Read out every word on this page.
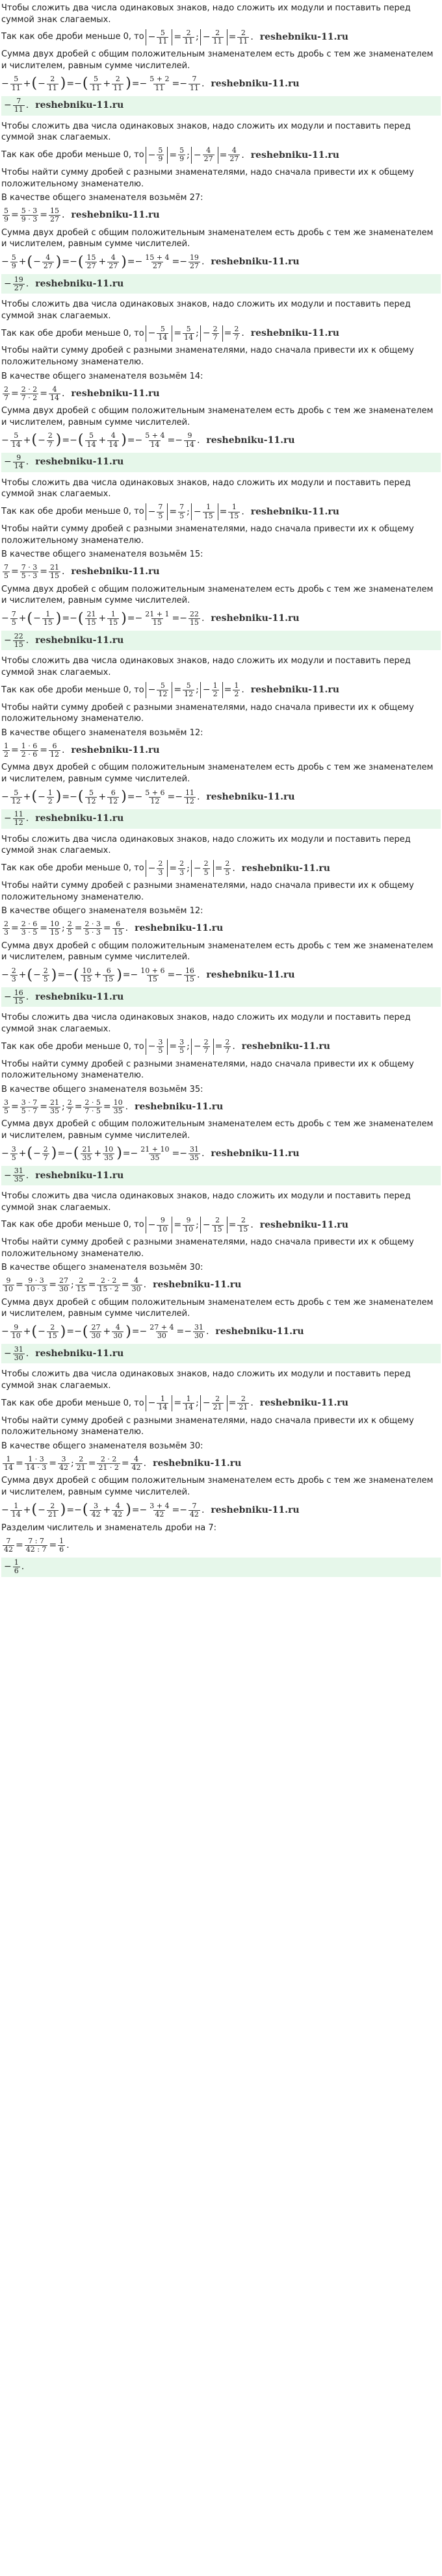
Чтобы сложить два числа одинаковых знаков, надо сложить их модули и поставить перед суммой знак слагаемых.

Так как обе дроби меньше 0, то − $\frac{5}{11} = \frac{2}{11}$ ; − $\frac{2}{11} = \frac{2}{11}$ . reshebniku-11.ru

Сумма двух дробей с общим положительным знаменателем есть дробь с тем же знаменателем и числителем, равным сумме числителей.

− $\frac{5}{11}$ + ( − $\frac{2}{11}$ ) = − ( $\frac{5}{11} + \frac{2}{11}$ ) = − $\frac{5 + 2}{11}$ = − $\frac{7}{11}$ . reshebniku-11.ru
− $\frac{7}{11}$ . reshebniku-11.ru

Чтобы сложить два числа одинаковых знаков, надо сложить их модули и поставить перед суммой знак слагаемых.

Так как обе дроби меньше 0, то − $\frac{5}{9} = \frac{5}{9}$ ; − $\frac{4}{27} = \frac{4}{27}$ . reshebniku-11.ru

Чтобы найти сумму дробей с разными знаменателями, надо сначала привести их к общему положительному знаменателю.

В качестве общего знаменателя возьмём 27:

$\frac{5}{9} = \frac{5 \cdot 3}{9 \cdot 3} = \frac{15}{27}$ . reshebniku-11.ru

Сумма двух дробей с общим положительным знаменателем есть дробь с тем же знаменателем и числителем, равным сумме числителей.

− $\frac{5}{9}$ + ( − $\frac{4}{27}$ ) = − ( $\frac{15}{27} + \frac{4}{27}$ ) = − $\frac{15 + 4}{27}$ = − $\frac{19}{27}$ . reshebniku-11.ru
− $\frac{19}{27}$ . reshebniku-11.ru

Чтобы сложить два числа одинаковых знаков, надо сложить их модули и поставить перед суммой знак слагаемых.

Так как обе дроби меньше 0, то − $\frac{5}{14} = \frac{5}{14}$ ; − $\frac{2}{7} = \frac{2}{7}$ . reshebniku-11.ru

Чтобы найти сумму дробей с разными знаменателями, надо сначала привести их к общему положительному знаменателю.

В качестве общего знаменателя возьмём 14:

$\frac{2}{7} = \frac{2 \cdot 2}{7 \cdot 2} = \frac{4}{14}$ . reshebniku-11.ru

Сумма двух дробей с общим положительным знаменателем есть дробь с тем же знаменателем и числителем, равным сумме числителей.

− $\frac{5}{14}$ + ( − $\frac{2}{7}$ ) = − ( $\frac{5}{14} + \frac{4}{14}$ ) = − $\frac{5 + 4}{14}$ = − $\frac{9}{14}$ . reshebniku-11.ru
− $\frac{9}{14}$ . reshebniku-11.ru

Чтобы сложить два числа одинаковых знаков, надо сложить их модули и поставить перед суммой знак слагаемых.

Так как обе дроби меньше 0, то − $\frac{7}{5} = \frac{7}{5}$ ; − $\frac{1}{15} = \frac{1}{15}$ . reshebniku-11.ru

Чтобы найти сумму дробей с разными знаменателями, надо сначала привести их к общему положительному знаменателю.

В качестве общего знаменателя возьмём 15:

$\frac{7}{5} = \frac{7 \cdot 3}{5 \cdot 3} = \frac{21}{15}$ . reshebniku-11.ru

Сумма двух дробей с общим положительным знаменателем есть дробь с тем же знаменателем и числителем, равным сумме числителей.

− $\frac{7}{5}$ + ( − $\frac{1}{15}$ ) = − ( $\frac{21}{15} + \frac{1}{15}$ ) = − $\frac{21 + 1}{15}$ = − $\frac{22}{15}$ . reshebniku-11.ru
− $\frac{22}{15}$ . reshebniku-11.ru

Чтобы сложить два числа одинаковых знаков, надо сложить их модули и поставить перед суммой знак слагаемых.

Так как обе дроби меньше 0, то − $\frac{5}{12} = \frac{5}{12}$ ; − $\frac{1}{2} = \frac{1}{2}$ . reshebniku-11.ru

Чтобы найти сумму дробей с разными знаменателями, надо сначала привести их к общему положительному знаменателю.

В качестве общего знаменателя возьмём 12:

$\frac{1}{2} = \frac{1 \cdot 6}{2 \cdot 6} = \frac{6}{12}$ . reshebniku-11.ru

Сумма двух дробей с общим положительным знаменателем есть дробь с тем же знаменателем и числителем, равным сумме числителей.

− $\frac{5}{12}$ + ( − $\frac{1}{2}$ ) = − ( $\frac{5}{12} + \frac{6}{12}$ ) = − $\frac{5 + 6}{12}$ = − $\frac{11}{12}$ . reshebniku-11.ru
− $\frac{11}{12}$ . reshebniku-11.ru

Чтобы сложить два числа одинаковых знаков, надо сложить их модули и поставить перед суммой знак слагаемых.

Так как обе дроби меньше 0, то − $\frac{2}{3} = \frac{2}{3}$ ; − $\frac{2}{5} = \frac{2}{5}$ . reshebniku-11.ru

Чтобы найти сумму дробей с разными знаменателями, надо сначала привести их к общему положительному знаменателю.

В качестве общего знаменателя возьмём 12:

$\frac{2}{3} = \frac{2 \cdot 6}{3 \cdot 5} = \frac{10}{15}$ ; $\frac{2}{5} = \frac{2 \cdot 3}{5 \cdot 3} = \frac{6}{15}$ . reshebniku-11.ru

Сумма двух дробей с общим положительным знаменателем есть дробь с тем же знаменателем и числителем, равным сумме числителей.

− $\frac{2}{3}$ + ( − $\frac{2}{5}$ ) = − ( $\frac{10}{15} + \frac{6}{15}$ ) = − $\frac{10 + 6}{15}$ = − $\frac{16}{15}$ . reshebniku-11.ru
− $\frac{16}{15}$ . reshebniku-11.ru

Чтобы сложить два числа одинаковых знаков, надо сложить их модули и поставить перед суммой знак слагаемых.

Так как обе дроби меньше 0, то − $\frac{3}{5} = \frac{3}{5}$ ; − $\frac{2}{7} = \frac{2}{7}$ . reshebniku-11.ru

Чтобы найти сумму дробей с разными знаменателями, надо сначала привести их к общему положительному знаменателю.

В качестве общего знаменателя возьмём 35:

$\frac{3}{5} = \frac{3 \cdot 7}{5 \cdot 7} = \frac{21}{35}$ ; $\frac{2}{7} = \frac{2 \cdot 5}{7 \cdot 5} = \frac{10}{35}$ . reshebniku-11.ru

Сумма двух дробей с общим положительным знаменателем есть дробь с тем же знаменателем и числителем, равным сумме числителей.

− $\frac{3}{5}$ + ( − $\frac{2}{7}$ ) = − ( $\frac{21}{35} + \frac{10}{35}$ ) = − $\frac{21 + 10}{35}$ = − $\frac{31}{35}$ . reshebniku-11.ru
− $\frac{31}{35}$ . reshebniku-11.ru

Чтобы сложить два числа одинаковых знаков, надо сложить их модули и поставить перед суммой знак слагаемых.

Так как обе дроби меньше 0, то − $\frac{9}{10} = \frac{9}{10}$ ; − $\frac{2}{15} = \frac{2}{15}$ . reshebniku-11.ru

Чтобы найти сумму дробей с разными знаменателями, надо сначала привести их к общему положительному знаменателю.

В качестве общего знаменателя возьмём 30:

$\frac{9}{10} = \frac{9 \cdot 3}{10 \cdot 3} = \frac{27}{30}$ ; $\frac{2}{15} = \frac{2 \cdot 2}{15 \cdot 2} = \frac{4}{30}$ . reshebniku-11.ru

Сумма двух дробей с общим положительным знаменателем есть дробь с тем же знаменателем и числителем, равным сумме числителей.

− $\frac{9}{10}$ + ( − $\frac{2}{15}$ ) = − ( $\frac{27}{30} + \frac{4}{30}$ ) = − $\frac{27 + 4}{30}$ = − $\frac{31}{30}$ . reshebniku-11.ru
− $\frac{31}{30}$ . reshebniku-11.ru

Чтобы сложить два числа одинаковых знаков, надо сложить их модули и поставить перед суммой знак слагаемых.

Так как обе дроби меньше 0, то − $\frac{1}{14} = \frac{1}{14}$ ; − $\frac{2}{21} = \frac{2}{21}$ . reshebniku-11.ru

Чтобы найти сумму дробей с разными знаменателями, надо сначала привести их к общему положительному знаменателю.

В качестве общего знаменателя возьмём 30:

$\frac{1}{14} = \frac{1 \cdot 3}{14 \cdot 3} = \frac{3}{42}$ ; $\frac{2}{21} = \frac{2 \cdot 2}{21 \cdot 2} = \frac{4}{42}$ . reshebniku-11.ru

Сумма двух дробей с общим положительным знаменателем есть дробь с тем же знаменателем и числителем, равным сумме числителей.

− $\frac{1}{14}$ + ( − $\frac{2}{21}$ ) = − ( $\frac{3}{42} + \frac{4}{42}$ ) = − $\frac{3 + 4}{42}$ = − $\frac{7}{42}$ . reshebniku-11.ru

Разделим числитель и знаменатель дроби на 7:

$\frac{7}{42} = \frac{7 : 7}{42 : 7} = \frac{1}{6}$ .
− $\frac{1}{6}$ .
